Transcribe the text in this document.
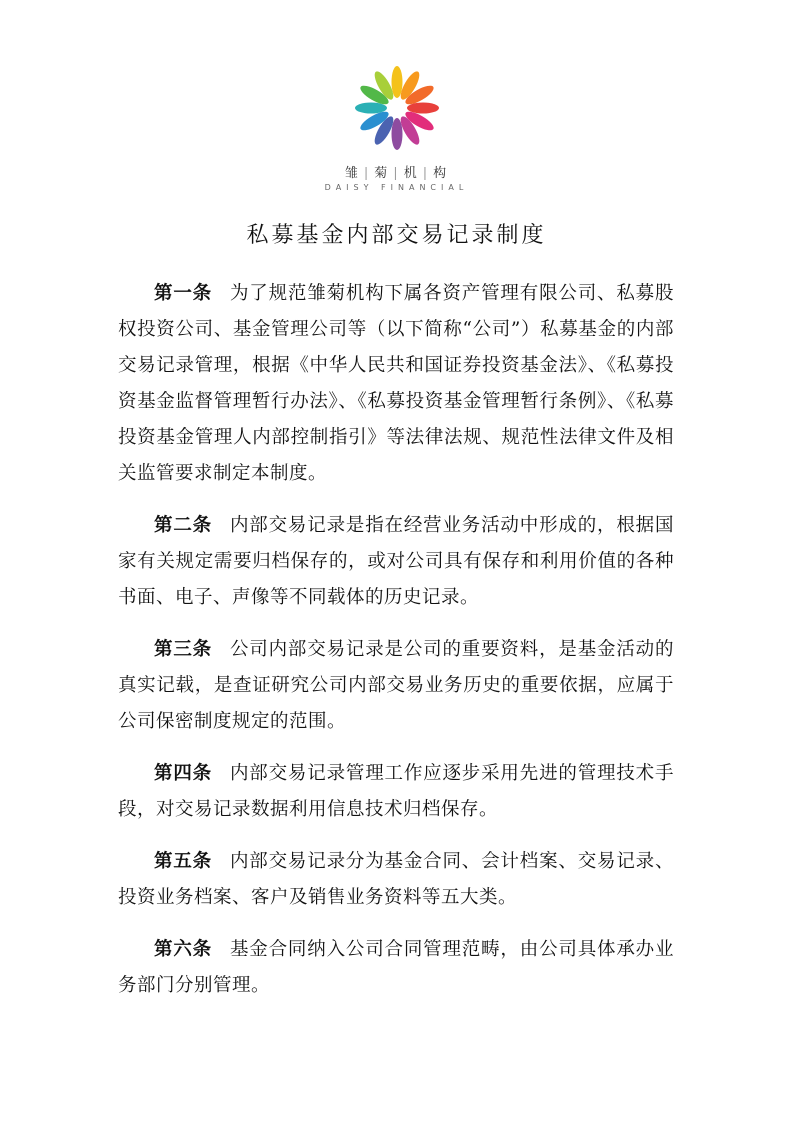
雏 | 菊 | 机 | 构
DAISY FINANCIAL
私募基金内部交易记录制度

第一条 为了规范雏菊机构下属各资产管理有限公司、私募股权投资公司、基金管理公司等（以下简称“公司”）私募基金的内部交易记录管理，根据《中华人民共和国证券投资基金法》、《私募投资基金监督管理暂行办法》、《私募投资基金管理暂行条例》、《私募投资基金管理人内部控制指引》等法律法规、规范性法律文件及相关监管要求制定本制度。

第二条 内部交易记录是指在经营业务活动中形成的，根据国家有关规定需要归档保存的，或对公司具有保存和利用价值的各种书面、电子、声像等不同载体的历史记录。

第三条 公司内部交易记录是公司的重要资料，是基金活动的真实记载，是查证研究公司内部交易业务历史的重要依据，应属于公司保密制度规定的范围。

第四条 内部交易记录管理工作应逐步采用先进的管理技术手段，对交易记录数据利用信息技术归档保存。

第五条 内部交易记录分为基金合同、会计档案、交易记录、投资业务档案、客户及销售业务资料等五大类。

第六条 基金合同纳入公司合同管理范畴，由公司具体承办业务部门分别管理。
